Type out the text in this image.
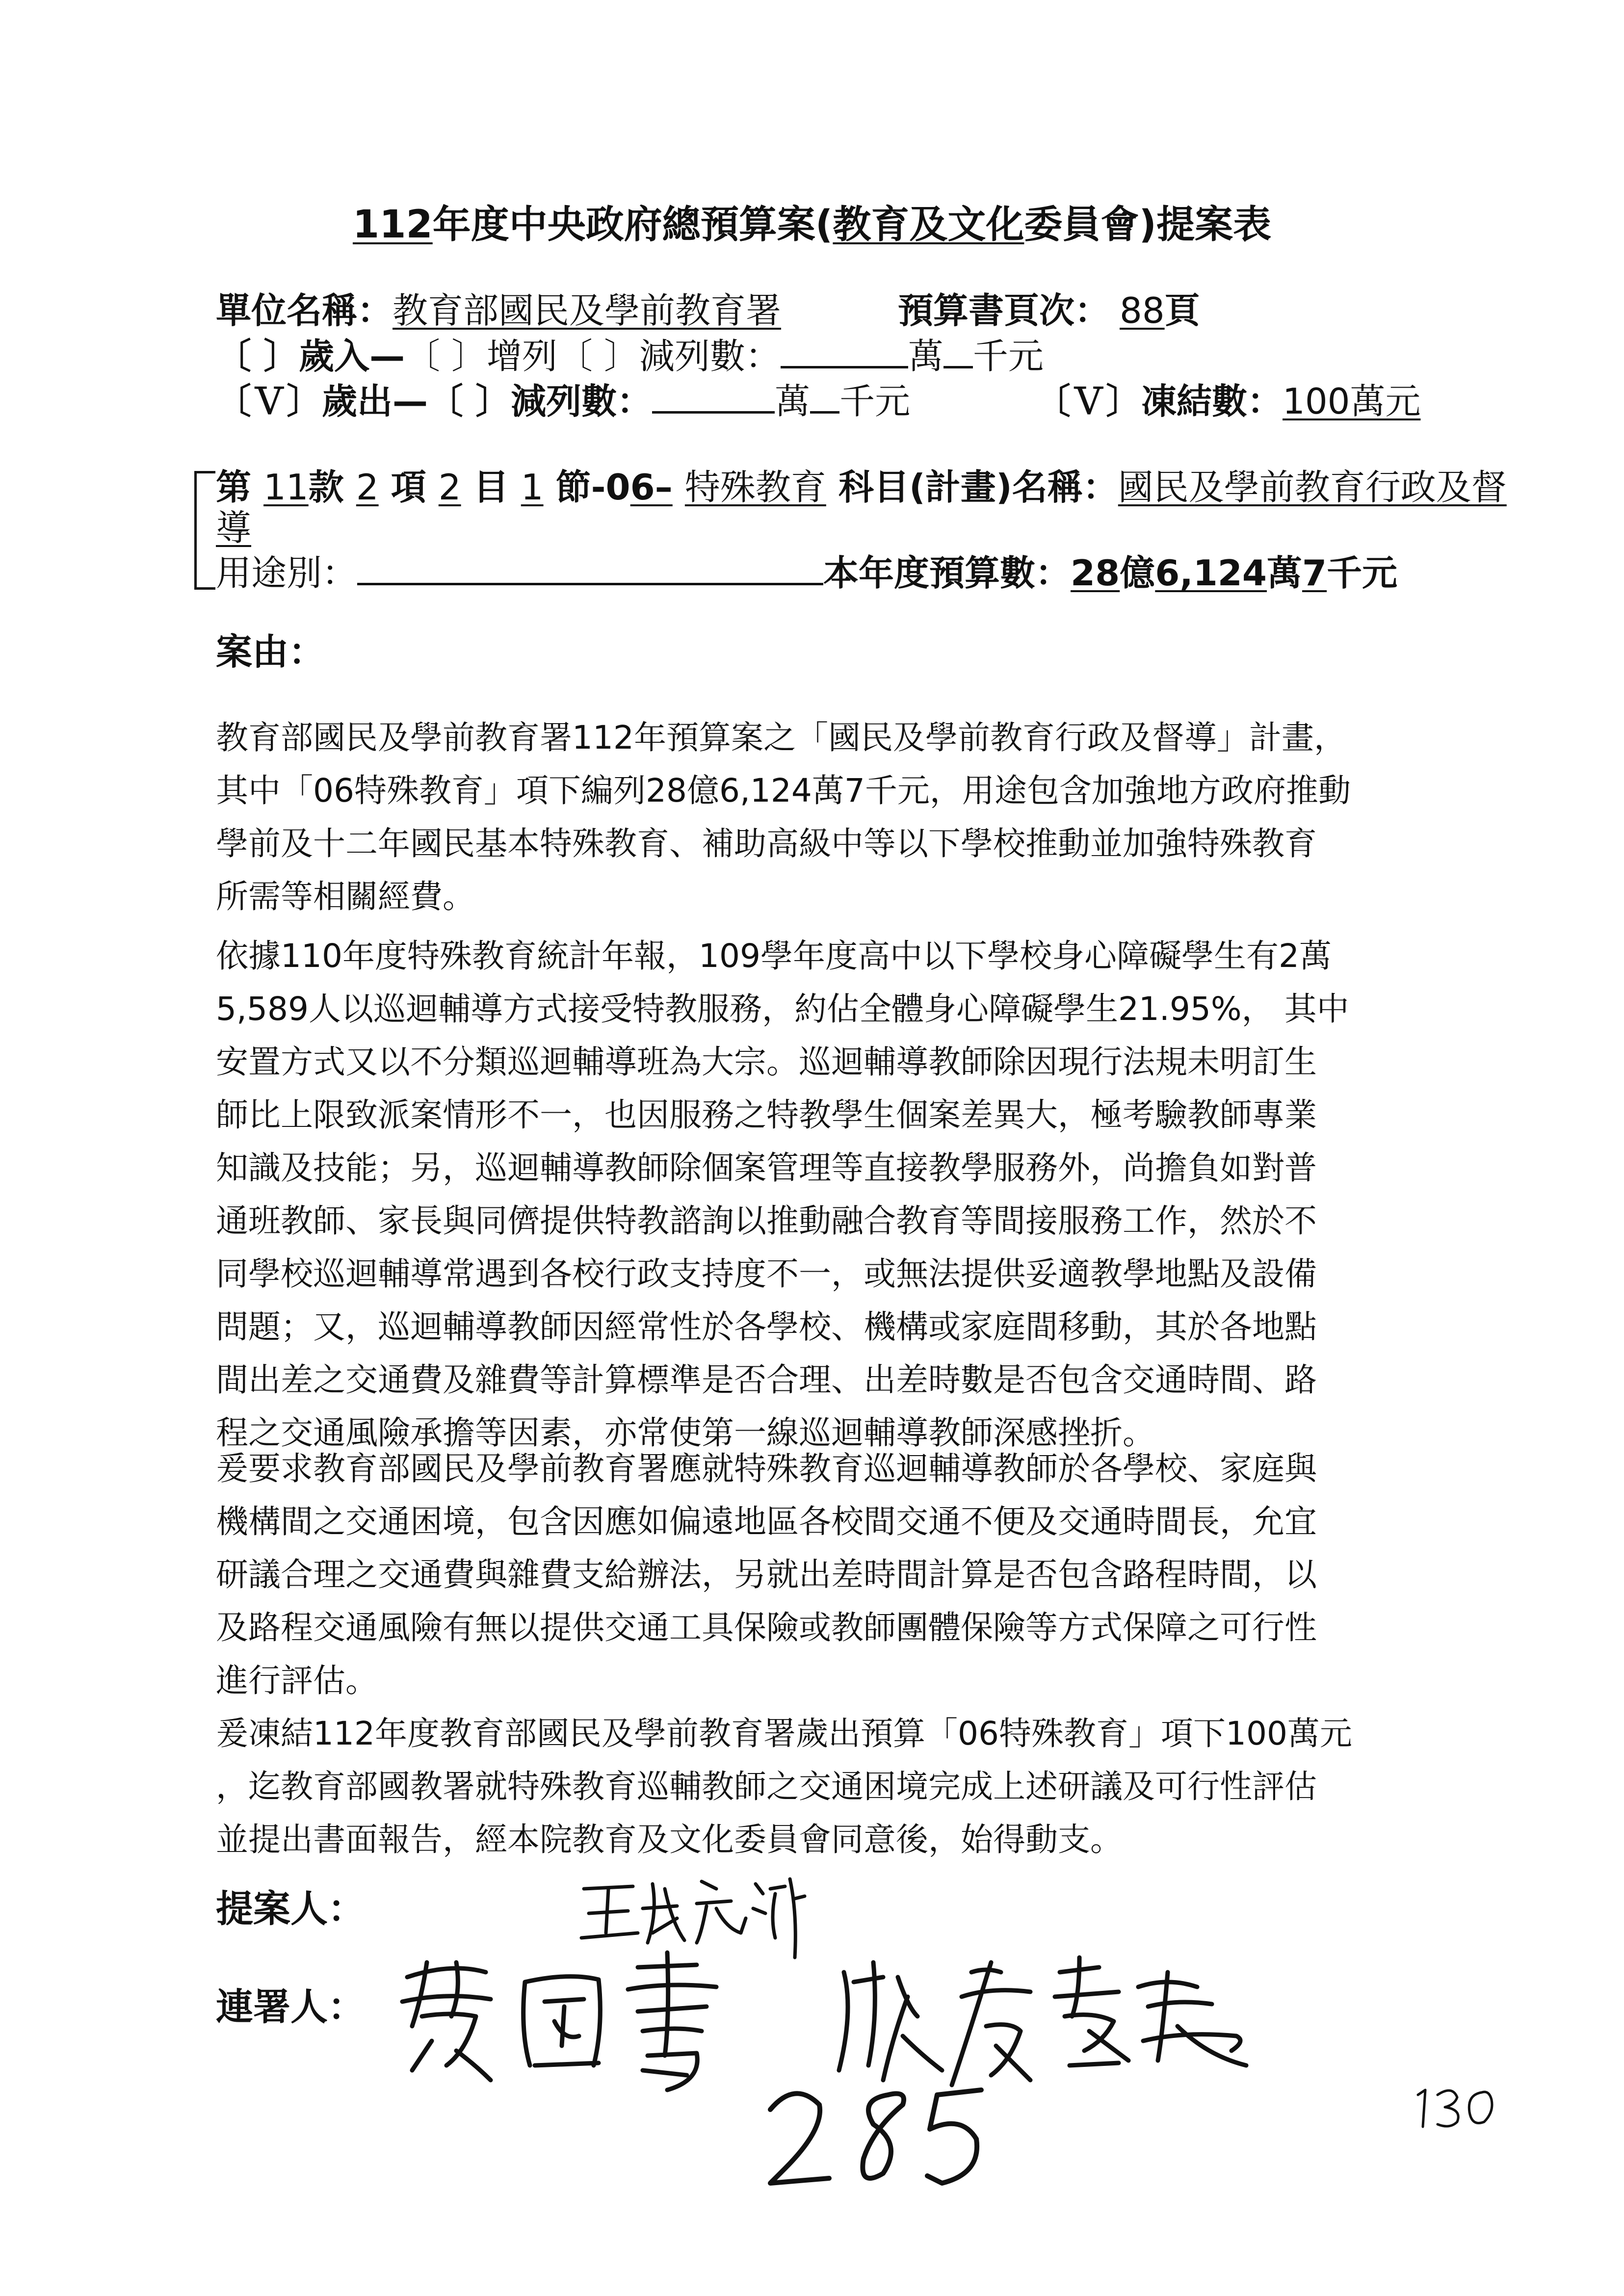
112年度中央政府總預算案(教育及文化委員會)提案表
單位名稱：教育部國民及學前教育署	預算書頁次： 88頁
〔 〕歲入—〔 〕增列〔 〕減列數：	萬 千元
〔Ｖ〕歲出—〔 〕減列數：	萬 千元	〔Ｖ〕凍結數：100萬元
第 11款 2 項 2 目 1 節-06– 特殊教育 科目(計畫)名稱：國民及學前教育行政及督
導
用途別：	本年度預算數：28億6,124萬7千元
案由：
教育部國民及學前教育署112年預算案之「國民及學前教育行政及督導」計畫，
其中「06特殊教育」項下編列28億6,124萬7千元，用途包含加強地方政府推動
學前及十二年國民基本特殊教育、補助高級中等以下學校推動並加強特殊教育
所需等相關經費。
依據110年度特殊教育統計年報，109學年度高中以下學校身心障礙學生有2萬
5,589人以巡迴輔導方式接受特教服務，約佔全體身心障礙學生21.95%， 其中
安置方式又以不分類巡迴輔導班為大宗。巡迴輔導教師除因現行法規未明訂生
師比上限致派案情形不一，也因服務之特教學生個案差異大，極考驗教師專業
知識及技能；另，巡迴輔導教師除個案管理等直接教學服務外，尚擔負如對普
通班教師、家長與同儕提供特教諮詢以推動融合教育等間接服務工作，然於不
同學校巡迴輔導常遇到各校行政支持度不一，或無法提供妥適教學地點及設備
問題；又，巡迴輔導教師因經常性於各學校、機構或家庭間移動，其於各地點
間出差之交通費及雜費等計算標準是否合理、出差時數是否包含交通時間、路
程之交通風險承擔等因素，亦常使第一線巡迴輔導教師深感挫折。
爰要求教育部國民及學前教育署應就特殊教育巡迴輔導教師於各學校、家庭與
機構間之交通困境，包含因應如偏遠地區各校間交通不便及交通時間長，允宜
研議合理之交通費與雜費支給辦法，另就出差時間計算是否包含路程時間，以
及路程交通風險有無以提供交通工具保險或教師團體保險等方式保障之可行性
進行評估。
爰凍結112年度教育部國民及學前教育署歲出預算「06特殊教育」項下100萬元
，迄教育部國教署就特殊教育巡輔教師之交通困境完成上述研議及可行性評估
並提出書面報告，經本院教育及文化委員會同意後，始得動支。
提案人：
連署人：
